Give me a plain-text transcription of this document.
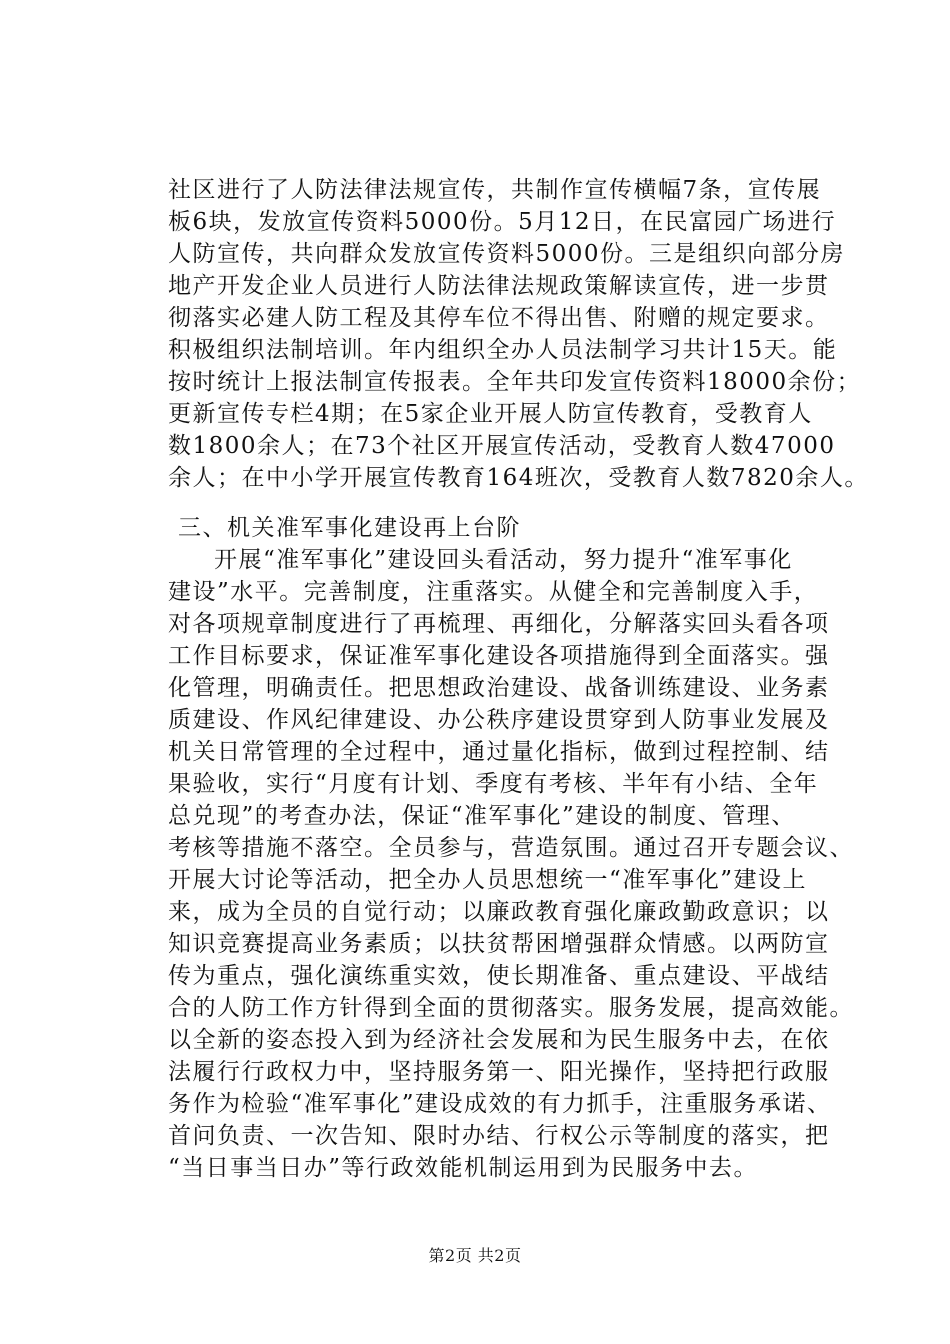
社区进行了人防法律法规宣传，共制作宣传横幅7条，宣传展
板6块，发放宣传资料5000份。5月12日，在民富园广场进行
人防宣传，共向群众发放宣传资料5000份。三是组织向部分房
地产开发企业人员进行人防法律法规政策解读宣传，进一步贯
彻落实必建人防工程及其停车位不得出售、附赠的规定要求。
积极组织法制培训。年内组织全办人员法制学习共计15天。能
按时统计上报法制宣传报表。全年共印发宣传资料18000余份；
更新宣传专栏4期；在5家企业开展人防宣传教育，受教育人
数1800余人；在73个社区开展宣传活动，受教育人数47000
余人；在中小学开展宣传教育164班次，受教育人数7820余人。
三、机关准军事化建设再上台阶
开展“准军事化”建设回头看活动，努力提升“准军事化
建设”水平。完善制度，注重落实。从健全和完善制度入手，
对各项规章制度进行了再梳理、再细化，分解落实回头看各项
工作目标要求，保证准军事化建设各项措施得到全面落实。强
化管理，明确责任。把思想政治建设、战备训练建设、业务素
质建设、作风纪律建设、办公秩序建设贯穿到人防事业发展及
机关日常管理的全过程中，通过量化指标，做到过程控制、结
果验收，实行“月度有计划、季度有考核、半年有小结、全年
总兑现”的考查办法，保证“准军事化”建设的制度、管理、
考核等措施不落空。全员参与，营造氛围。通过召开专题会议、
开展大讨论等活动，把全办人员思想统一“准军事化”建设上
来，成为全员的自觉行动；以廉政教育强化廉政勤政意识；以
知识竞赛提高业务素质；以扶贫帮困增强群众情感。以两防宣
传为重点，强化演练重实效，使长期准备、重点建设、平战结
合的人防工作方针得到全面的贯彻落实。服务发展，提高效能。
以全新的姿态投入到为经济社会发展和为民生服务中去，在依
法履行行政权力中，坚持服务第一、阳光操作，坚持把行政服
务作为检验“准军事化”建设成效的有力抓手，注重服务承诺、
首问负责、一次告知、限时办结、行权公示等制度的落实，把
“当日事当日办”等行政效能机制运用到为民服务中去。
第2页 共2页
